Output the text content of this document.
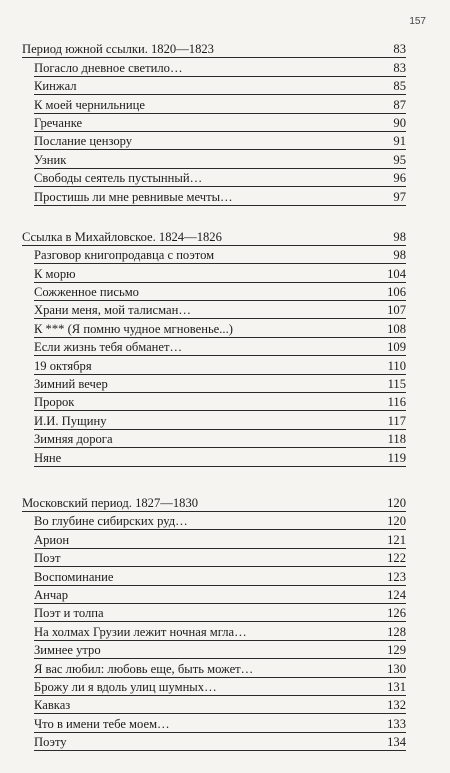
157
Период южной ссылки. 1820—1823	83
Погасло дневное светило…	83
Кинжал	85
К моей чернильнице	87
Гречанке	90
Послание цензору	91
Узник	95
Свободы сеятель пустынный…	96
Простишь ли мне ревнивые мечты…	97
Ссылка в Михайловское. 1824—1826	98
Разговор книгопродавца с поэтом	98
К морю	104
Сожженное письмо	106
Храни меня, мой талисман…	107
К *** (Я помню чудное мгновенье...)	108
Если жизнь тебя обманет…	109
19 октября	110
Зимний вечер	115
Пророк	116
И.И. Пущину	117
Зимняя дорога	118
Няне	119
Московский период. 1827—1830	120
Во глубине сибирских руд…	120
Арион	121
Поэт	122
Воспоминание	123
Анчар	124
Поэт и толпа	126
На холмах Грузии лежит ночная мгла…	128
Зимнее утро	129
Я вас любил: любовь еще, быть может…	130
Брожу ли я вдоль улиц шумных…	131
Кавказ	132
Что в имени тебе моем…	133
Поэту	134
